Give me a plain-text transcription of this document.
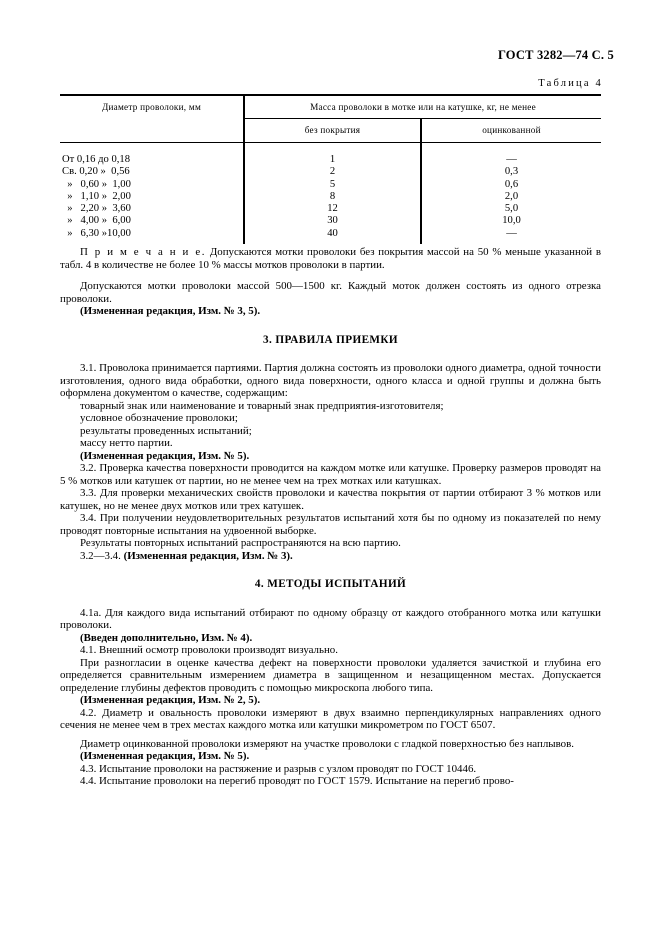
ГОСТ 3282—74 С. 5
Таблица 4
Диаметр проволоки, мм	Масса проволоки в мотке или на катушке, кг, не менее
без покрытия	оцинкованной
От 0,16 до 0,18	1	—
Св. 0,20 »  0,56	2	0,3
»   0,60 »  1,00	5	0,6
»   1,10 »  2,00	8	2,0
»   2,20 »  3,60	12	5,0
»   4,00 »  6,00	30	10,0
»   6,30 »10,00	40	—

П р и м е ч а н и е. Допускаются мотки проволоки без покрытия массой на 50 % меньше указанной в табл. 4 в количестве не более 10 % массы мотков проволоки в партии.

Допускаются мотки проволоки массой 500—1500 кг. Каждый моток должен состоять из одного отрезка проволоки.

(Измененная редакция, Изм. № 3, 5).

3. ПРАВИЛА ПРИЕМКИ

3.1. Проволока принимается партиями. Партия должна состоять из проволоки одного диаметра, одной точности изготовления, одного вида обработки, одного вида поверхности, одного класса и одной группы и должна быть оформлена документом о качестве, содержащим:

товарный знак или наименование и товарный знак предприятия-изготовителя;

условное обозначение проволоки;

результаты проведенных испытаний;

массу нетто партии.

(Измененная редакция, Изм. № 5).

3.2. Проверка качества поверхности проводится на каждом мотке или катушке. Проверку размеров проводят на 5 % мотков или катушек от партии, но не менее чем на трех мотках или катушках.

3.3. Для проверки механических свойств проволоки и качества покрытия от партии отбирают 3 % мотков или катушек, но не менее двух мотков или трех катушек.

3.4. При получении неудовлетворительных результатов испытаний хотя бы по одному из показателей по нему проводят повторные испытания на удвоенной выборке.

Результаты повторных испытаний распространяются на всю партию.

3.2—3.4. (Измененная редакция, Изм. № 3).

4. МЕТОДЫ ИСПЫТАНИЙ

4.1а. Для каждого вида испытаний отбирают по одному образцу от каждого отобранного мотка или катушки проволоки.

(Введен дополнительно, Изм. № 4).

4.1. Внешний осмотр проволоки производят визуально.

При разногласии в оценке качества дефект на поверхности проволоки удаляется зачисткой и глубина его определяется сравнительным измерением диаметра в защищенном и незащищенном местах. Допускается определение глубины дефектов проводить с помощью микроскопа любого типа.

(Измененная редакция, Изм. № 2, 5).

4.2. Диаметр и овальность проволоки измеряют в двух взаимно перпендикулярных направлениях одного сечения не менее чем в трех местах каждого мотка или катушки микрометром по ГОСТ 6507.

Диаметр оцинкованной проволоки измеряют на участке проволоки с гладкой поверхностью без наплывов.

(Измененная редакция, Изм. № 5).

4.3. Испытание проволоки на растяжение и разрыв с узлом проводят по ГОСТ 10446.

4.4. Испытание проволоки на перегиб проводят по ГОСТ 1579. Испытание на перегиб прово-
